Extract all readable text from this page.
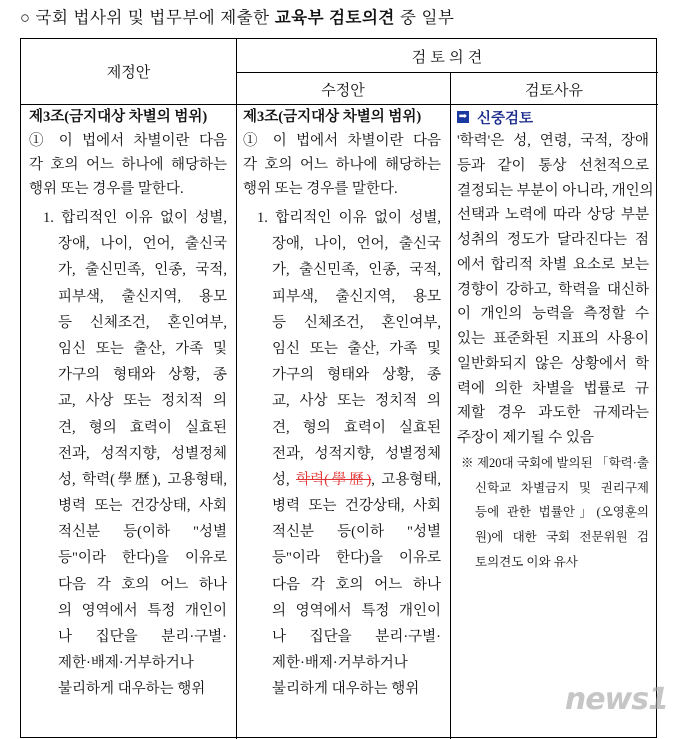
○ 국회 법사위 및 법무부에 제출한 교육부 검토의견 중 일부
제정안
검 토 의 견
수정안	검토사유
제3조(금지대상 차별의 범위)
① 이 법에서 차별이란 다음
각 호의 어느 하나에 해당하는
행위 또는 경우를 말한다.
1. 합리적인 이유 없이 성별,
장애, 나이, 언어, 출신국
가, 출신민족, 인종, 국적,
피부색, 출신지역, 용모
등 신체조건, 혼인여부,
임신 또는 출산, 가족 및
가구의 형태와 상황, 종
교, 사상 또는 정치적 의
견, 형의 효력이 실효된
전과, 성적지향, 성별정체
성, 학력(學歷), 고용형태,
병력 또는 건강상태, 사회
적신분 등(이하 "성별
등"이라 한다)을 이유로
다음 각 호의 어느 하나
의 영역에서 특정 개인이
나 집단을 분리·구별·
제한·배제·거부하거나
불리하게 대우하는 행위
제3조(금지대상 차별의 범위)
① 이 법에서 차별이란 다음
각 호의 어느 하나에 해당하는
행위 또는 경우를 말한다.
1. 합리적인 이유 없이 성별,
장애, 나이, 언어, 출신국
가, 출신민족, 인종, 국적,
피부색, 출신지역, 용모
등 신체조건, 혼인여부,
임신 또는 출산, 가족 및
가구의 형태와 상황, 종
교, 사상 또는 정치적 의
견, 형의 효력이 실효된
전과, 성적지향, 성별정체
성, 학력(學歷), 고용형태,
병력 또는 건강상태, 사회
적신분 등(이하 "성별
등"이라 한다)을 이유로
다음 각 호의 어느 하나
의 영역에서 특정 개인이
나 집단을 분리·구별·
제한·배제·거부하거나
불리하게 대우하는 행위
➡ 신중검토
'학력'은 성, 연령, 국적, 장애
등과 같이 통상 선천적으로
결정되는 부분이 아니라, 개인의
선택과 노력에 따라 상당 부분
성취의 정도가 달라진다는 점
에서 합리적 차별 요소로 보는
경향이 강하고, 학력을 대신하
이 개인의 능력을 측정할 수
있는 표준화된 지표의 사용이
일반화되지 않은 상황에서 학
력에 의한 차별을 법률로 규
제할 경우 과도한 규제라는
주장이 제기될 수 있음
※ 제20대 국회에 발의된 「학력·출
신학교 차별금지 및 권리구제
등에 관한 법률안」(오영훈의
원)에 대한 국회 전문위원 검
토의견도 이와 유사
news1
